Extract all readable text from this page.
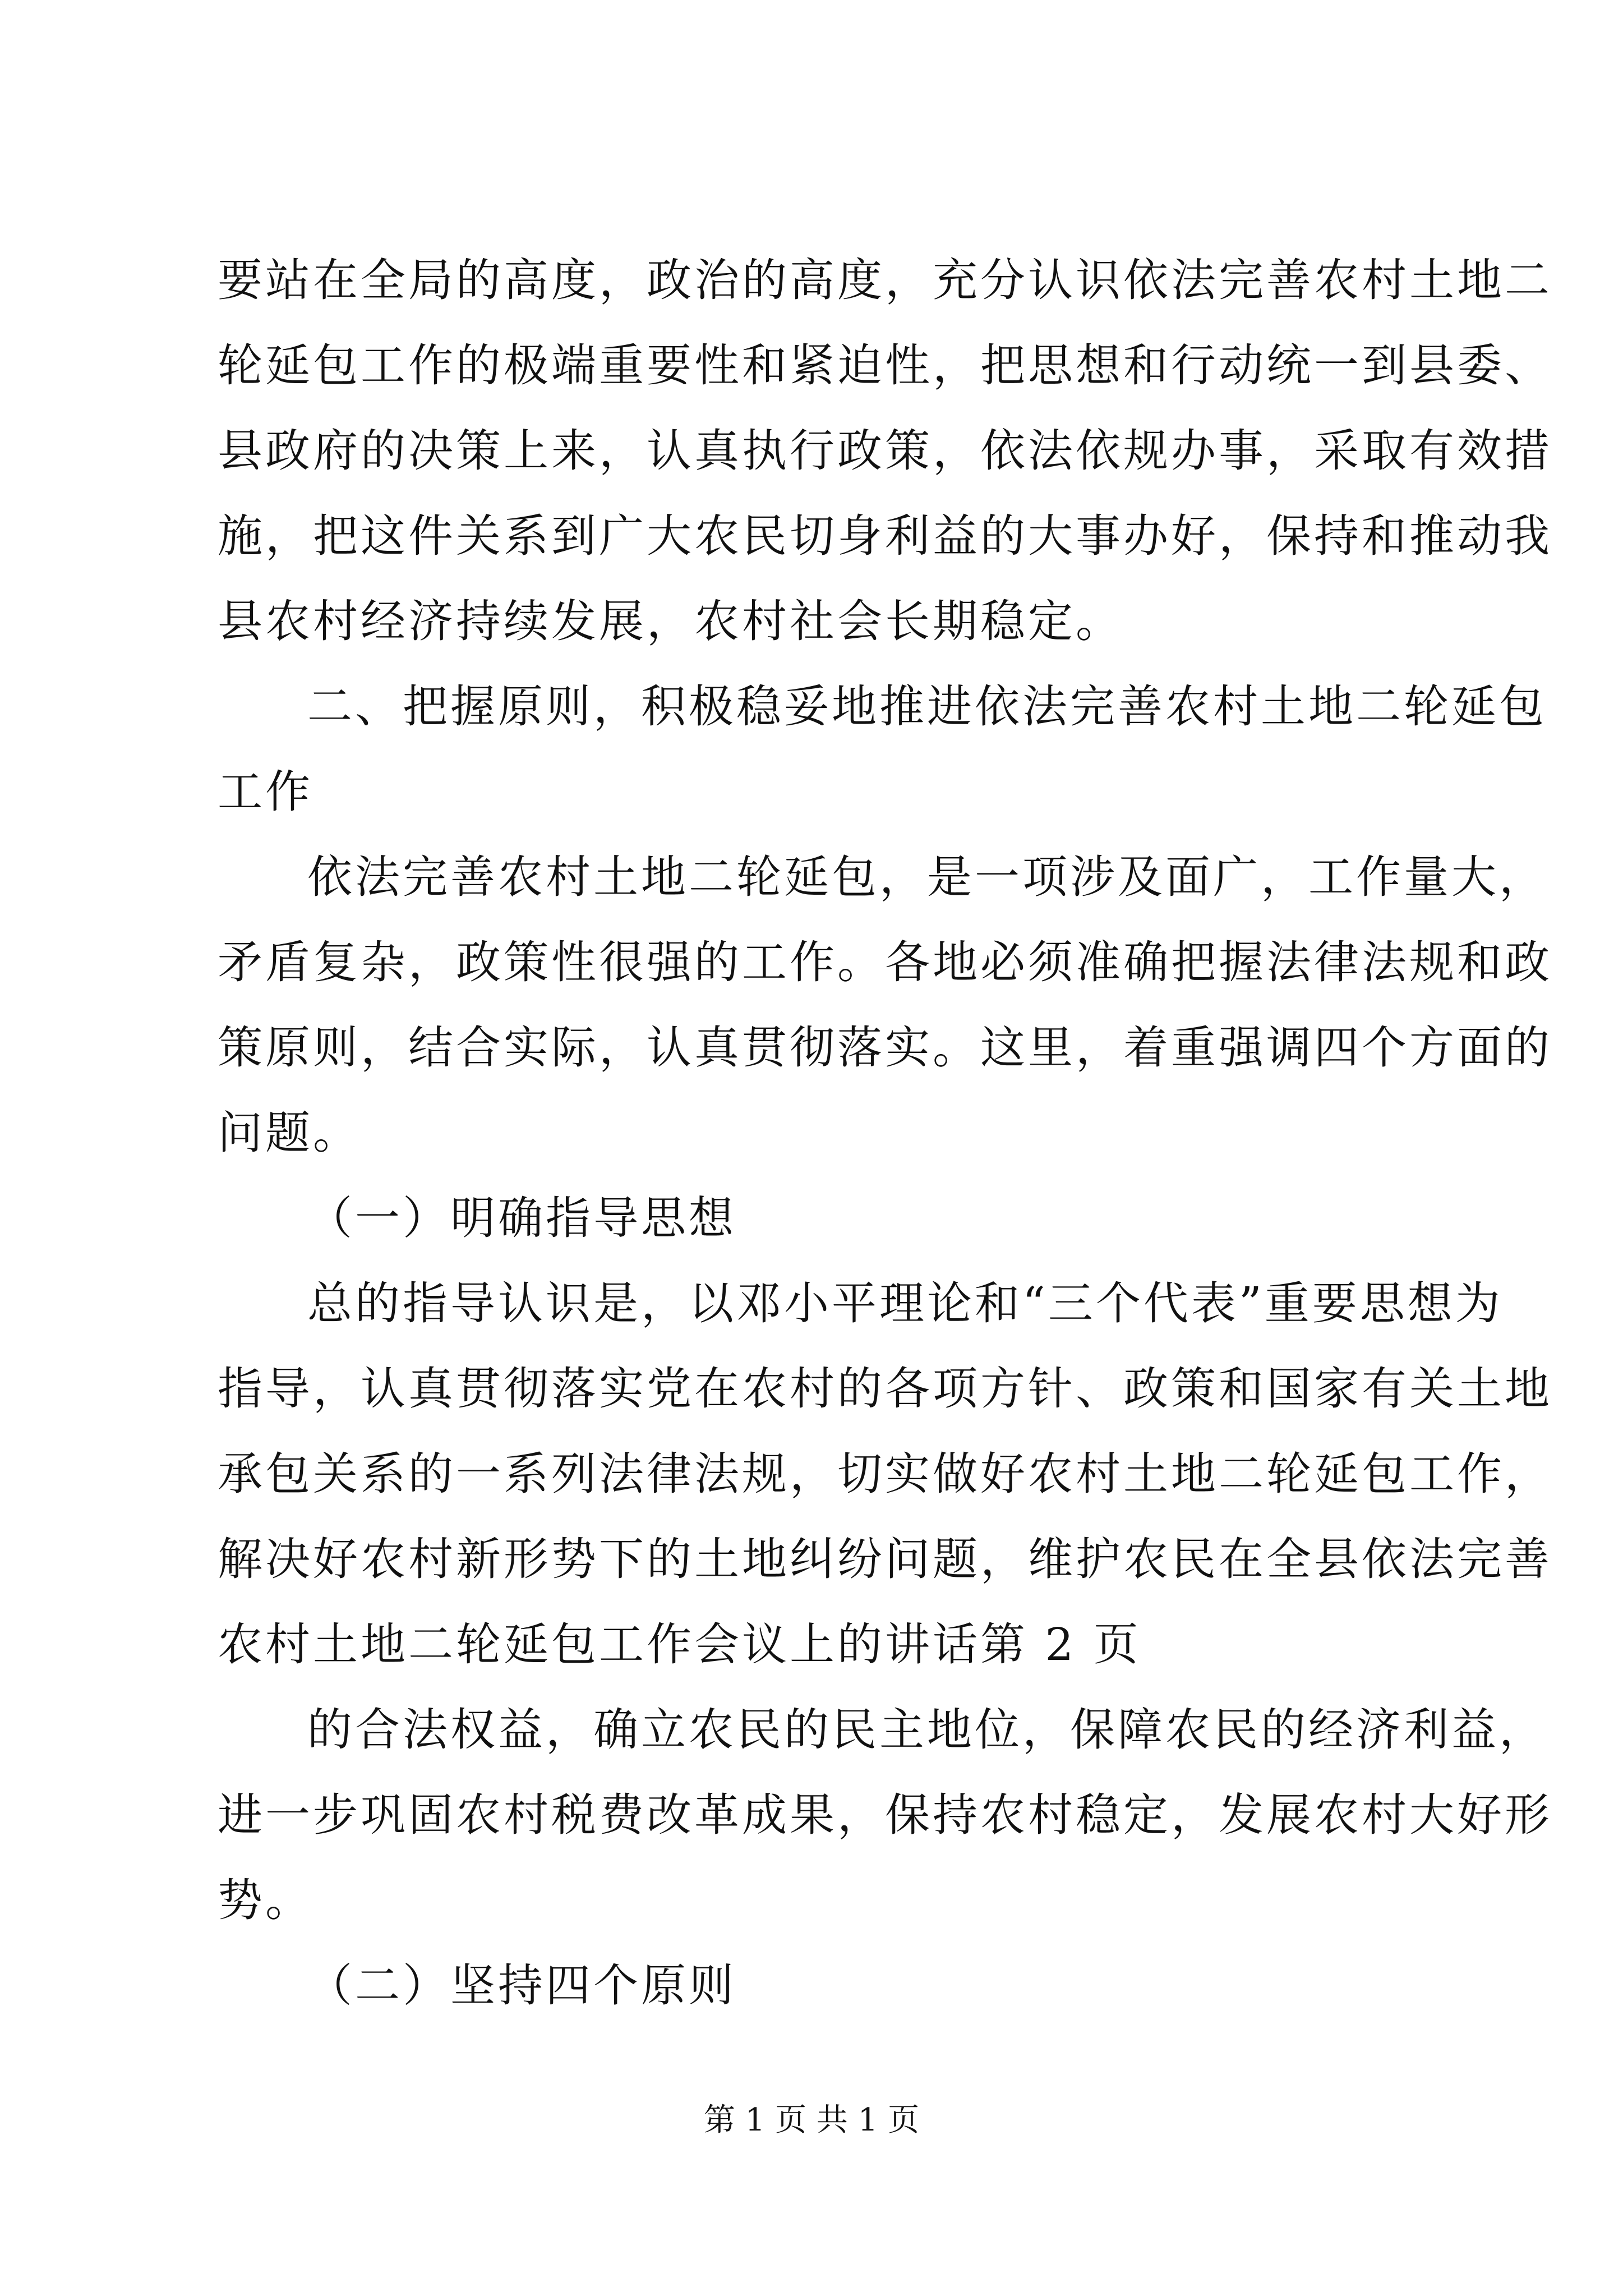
要站在全局的高度，政治的高度，充分认识依法完善农村土地二
轮延包工作的极端重要性和紧迫性，把思想和行动统一到县委、
县政府的决策上来，认真执行政策，依法依规办事，采取有效措
施，把这件关系到广大农民切身利益的大事办好，保持和推动我
县农村经济持续发展，农村社会长期稳定。
二、把握原则，积极稳妥地推进依法完善农村土地二轮延包
工作
依法完善农村土地二轮延包，是一项涉及面广，工作量大，
矛盾复杂，政策性很强的工作。各地必须准确把握法律法规和政
策原则，结合实际，认真贯彻落实。这里，着重强调四个方面的
问题。
（一）明确指导思想
总的指导认识是，以邓小平理论和“三个代表”重要思想为
指导，认真贯彻落实党在农村的各项方针、政策和国家有关土地
承包关系的一系列法律法规，切实做好农村土地二轮延包工作，
解决好农村新形势下的土地纠纷问题，维护农民在全县依法完善
农村土地二轮延包工作会议上的讲话第 2 页
的合法权益，确立农民的民主地位，保障农民的经济利益，
进一步巩固农村税费改革成果，保持农村稳定，发展农村大好形
势。
（二）坚持四个原则
第 1 页 共 1 页
